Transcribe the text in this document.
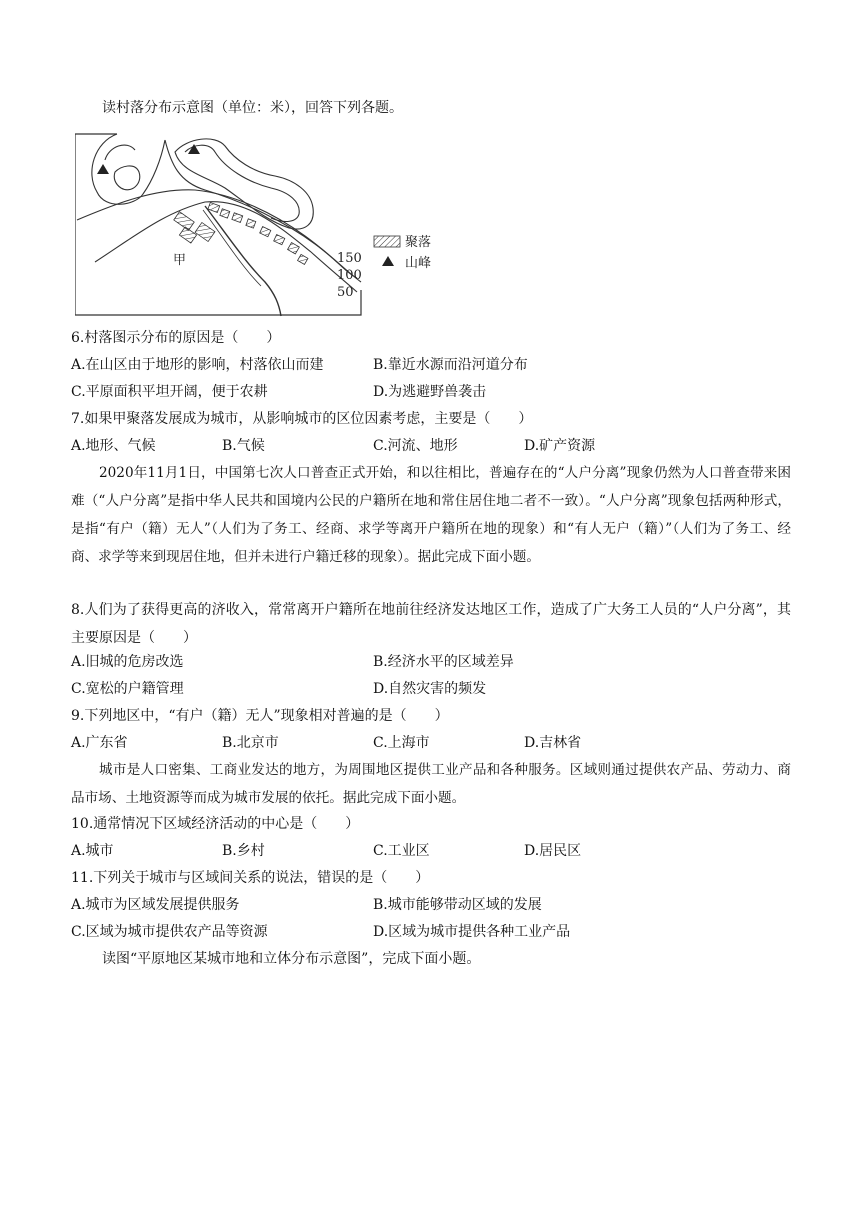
读村落分布示意图（单位：米），回答下列各题。
150
100
50
甲
聚落
山峰
6.村落图示分布的原因是（　　）
A.在山区由于地形的影响，村落依山而建	B.靠近水源而沿河道分布
C.平原面积平坦开阔，便于农耕	D.为逃避野兽袭击
7.如果甲聚落发展成为城市，从影响城市的区位因素考虑，主要是（　　）
A.地形、气候	B.气候	C.河流、地形	D.矿产资源
2020年11月1日，中国第七次人口普查正式开始，和以往相比，普遍存在的“人户分离”现象仍然为人口普查带来困难（“人户分离”是指中华人民共和国境内公民的户籍所在地和常住居住地二者不一致）。“人户分离”现象包括两种形式，是指“有户（籍）无人”（人们为了务工、经商、求学等离开户籍所在地的现象）和“有人无户（籍）”（人们为了务工、经商、求学等来到现居住地，但并未进行户籍迁移的现象）。据此完成下面小题。
8.人们为了获得更高的济收入，常常离开户籍所在地前往经济发达地区工作，造成了广大务工人员的“人户分离”，其主要原因是（　　）
A.旧城的危房改选	B.经济水平的区域差异
C.宽松的户籍管理	D.自然灾害的频发
9.下列地区中，“有户（籍）无人”现象相对普遍的是（　　）
A.广东省	B.北京市	C.上海市	D.吉林省
城市是人口密集、工商业发达的地方，为周围地区提供工业产品和各种服务。区域则通过提供农产品、劳动力、商品市场、土地资源等而成为城市发展的依托。据此完成下面小题。
10.通常情况下区域经济活动的中心是（　　）
A.城市	B.乡村	C.工业区	D.居民区
11.下列关于城市与区域间关系的说法，错误的是（　　）
A.城市为区域发展提供服务	B.城市能够带动区域的发展
C.区域为城市提供农产品等资源	D.区域为城市提供各种工业产品
读图“平原地区某城市地和立体分布示意图”，完成下面小题。
